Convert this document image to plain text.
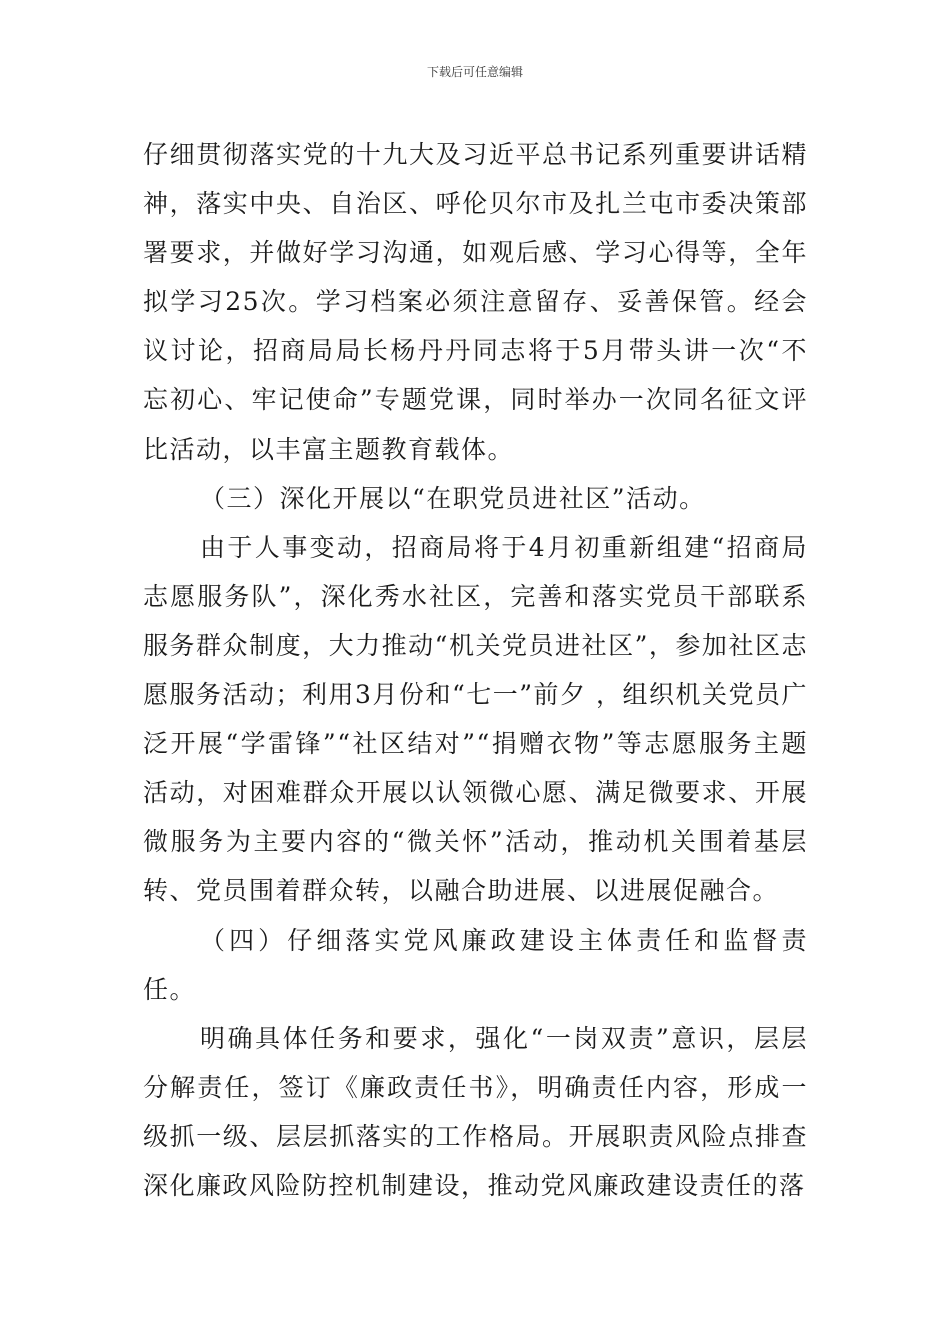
下载后可任意编辑

仔细贯彻落实党的十九大及习近平总书记系列重要讲话精神，落实中央、自治区、呼伦贝尔市及扎兰屯市委决策部署要求，并做好学习沟通，如观后感、学习心得等，全年拟学习25次。学习档案必须注意留存、妥善保管。经会议讨论，招商局局长杨丹丹同志将于5月带头讲一次“不忘初心、牢记使命”专题党课，同时举办一次同名征文评比活动，以丰富主题教育载体。

（三）深化开展以“在职党员进社区”活动。

由于人事变动，招商局将于4月初重新组建“招商局志愿服务队”，深化秀水社区，完善和落实党员干部联系服务群众制度，大力推动“机关党员进社区”，参加社区志愿服务活动；利用3月份和“七一”前夕 ，组织机关党员广泛开展“学雷锋”“社区结对”“捐赠衣物”等志愿服务主题活动，对困难群众开展以认领微心愿、满足微要求、开展微服务为主要内容的“微关怀”活动，推动机关围着基层转、党员围着群众转，以融合助进展、以进展促融合。

（四）仔细落实党风廉政建设主体责任和监督责任。

明确具体任务和要求，强化“一岗双责”意识，层层分解责任，签订《廉政责任书》，明确责任内容，形成一级抓一级、层层抓落实的工作格局。开展职责风险点排查深化廉政风险防控机制建设，推动党风廉政建设责任的落
